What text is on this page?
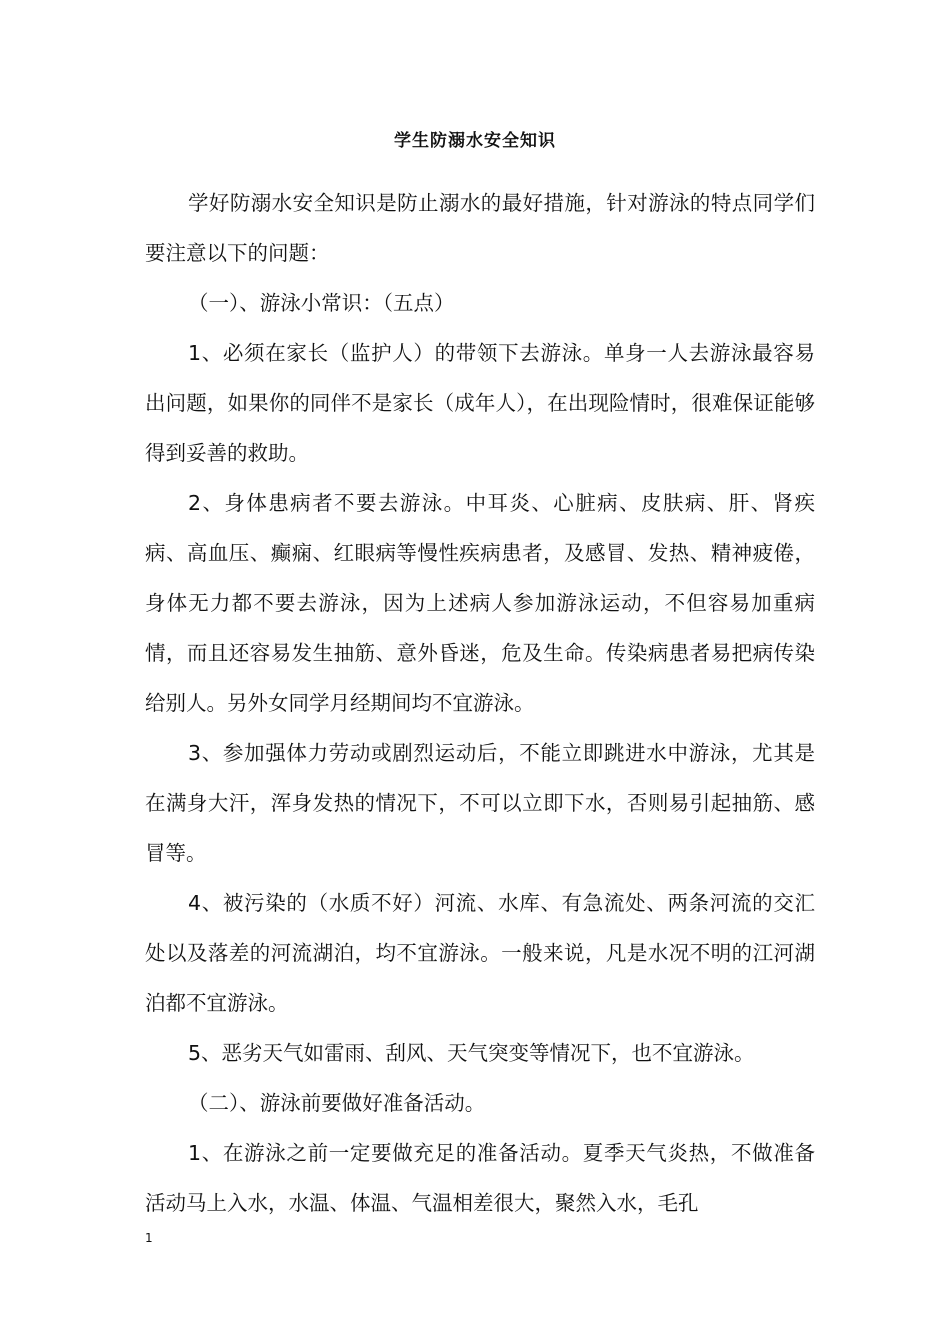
学生防溺水安全知识

学好防溺水安全知识是防止溺水的最好措施，针对游泳的特点同学们要注意以下的问题：

（一）、游泳小常识：（五点）

1、必须在家长（监护人）的带领下去游泳。单身一人去游泳最容易出问题，如果你的同伴不是家长（成年人），在出现险情时，很难保证能够得到妥善的救助。

2、身体患病者不要去游泳。中耳炎、心脏病、皮肤病、肝、肾疾病、高血压、癫痫、红眼病等慢性疾病患者，及感冒、发热、精神疲倦，身体无力都不要去游泳，因为上述病人参加游泳运动，不但容易加重病情，而且还容易发生抽筋、意外昏迷，危及生命。传染病患者易把病传染给别人。另外女同学月经期间均不宜游泳。

3、参加强体力劳动或剧烈运动后，不能立即跳进水中游泳，尤其是在满身大汗，浑身发热的情况下，不可以立即下水，否则易引起抽筋、感冒等。

4、被污染的（水质不好）河流、水库、有急流处、两条河流的交汇处以及落差的河流湖泊，均不宜游泳。一般来说，凡是水况不明的江河湖泊都不宜游泳。

5、恶劣天气如雷雨、刮风、天气突变等情况下，也不宜游泳。

（二）、游泳前要做好准备活动。

1、在游泳之前一定要做充足的准备活动。夏季天气炎热，不做准备活动马上入水，水温、体温、气温相差很大，聚然入水，毛孔

1
